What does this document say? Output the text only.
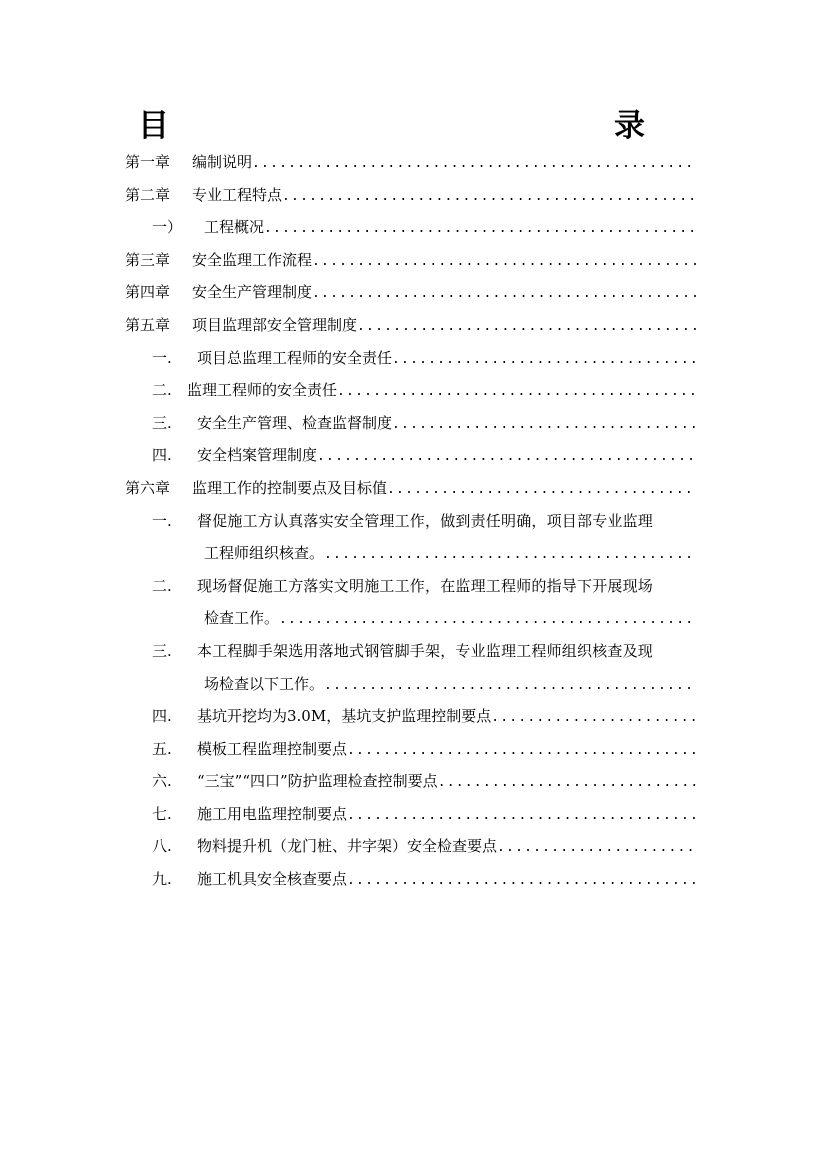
目　　　录
第一章	编制说明
.....
第二章	专业工程特点
.....
一）	工程概况
.....
第三章	安全监理工作流程
.....
第四章	安全生产管理制度
.....
第五章	项目监理部安全管理制度
.....
一.	项目总监理工程师的安全责任
.....
二.	监理工程师的安全责任
.....
三.	安全生产管理、检查监督制度
.....
四.	安全档案管理制度
.....
第六章	监理工作的控制要点及目标值
.....
一.	督促施工方认真落实安全管理工作，做到责任明确，项目部专业监理
工程师组织核查。
.....
二.	现场督促施工方落实文明施工工作，在监理工程师的指导下开展现场
检查工作。
.....
三.	本工程脚手架选用落地式钢管脚手架，专业监理工程师组织核查及现
场检查以下工作。
.....
四.	基坑开挖均为3.0M，基坑支护监理控制要点
.....
五.	模板工程监理控制要点
.....
六.	“三宝”“四口”防护监理检查控制要点
.....
七.	施工用电监理控制要点
.....
八.	物料提升机（龙门桩、井字架）安全检查要点
.....
九.	施工机具安全核查要点
.....
